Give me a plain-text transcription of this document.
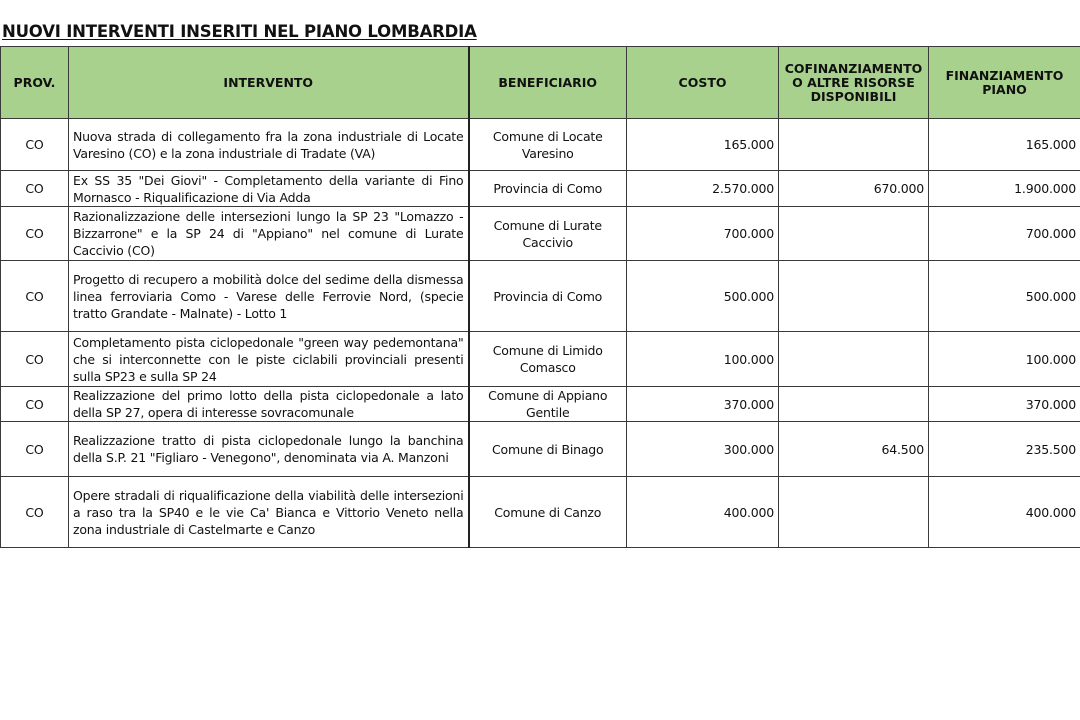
NUOVI INTERVENTI INSERITI NEL PIANO LOMBARDIA
PROV.	INTERVENTO	BENEFICIARIO	COSTO	COFINANZIAMENTO O ALTRE RISORSE DISPONIBILI	FINANZIAMENTO PIANO
CO	Nuova strada di collegamento fra la zona industriale di Locate Varesino (CO) e la zona industriale di Tradate (VA)	Comune di Locate Varesino	165.000		165.000
CO	Ex SS 35 "Dei Giovi" - Completamento della variante di Fino Mornasco - Riqualificazione di Via Adda	Provincia di Como	2.570.000	670.000	1.900.000
CO	Razionalizzazione delle intersezioni lungo la SP 23 "Lomazzo - Bizzarrone" e la SP 24 di "Appiano" nel comune di Lurate Caccivio (CO)	Comune di Lurate Caccivio	700.000		700.000
CO	Progetto di recupero a mobilità dolce del sedime della dismessa linea ferroviaria Como - Varese delle Ferrovie Nord, (specie tratto Grandate - Malnate) - Lotto 1	Provincia di Como	500.000		500.000
CO	Completamento pista ciclopedonale "green way pedemontana" che si interconnette con le piste ciclabili provinciali presenti sulla SP23 e sulla SP 24	Comune di Limido Comasco	100.000		100.000
CO	Realizzazione del primo lotto della pista ciclopedonale a lato della SP 27, opera di interesse sovracomunale	Comune di Appiano Gentile	370.000		370.000
CO	Realizzazione tratto di pista ciclopedonale lungo la banchina della S.P. 21 "Figliaro - Venegono", denominata via A. Manzoni	Comune di Binago	300.000	64.500	235.500
CO	Opere stradali di riqualificazione della viabilità delle intersezioni a raso tra la SP40 e le vie Ca' Bianca e Vittorio Veneto nella zona industriale di Castelmarte e Canzo	Comune di Canzo	400.000		400.000
